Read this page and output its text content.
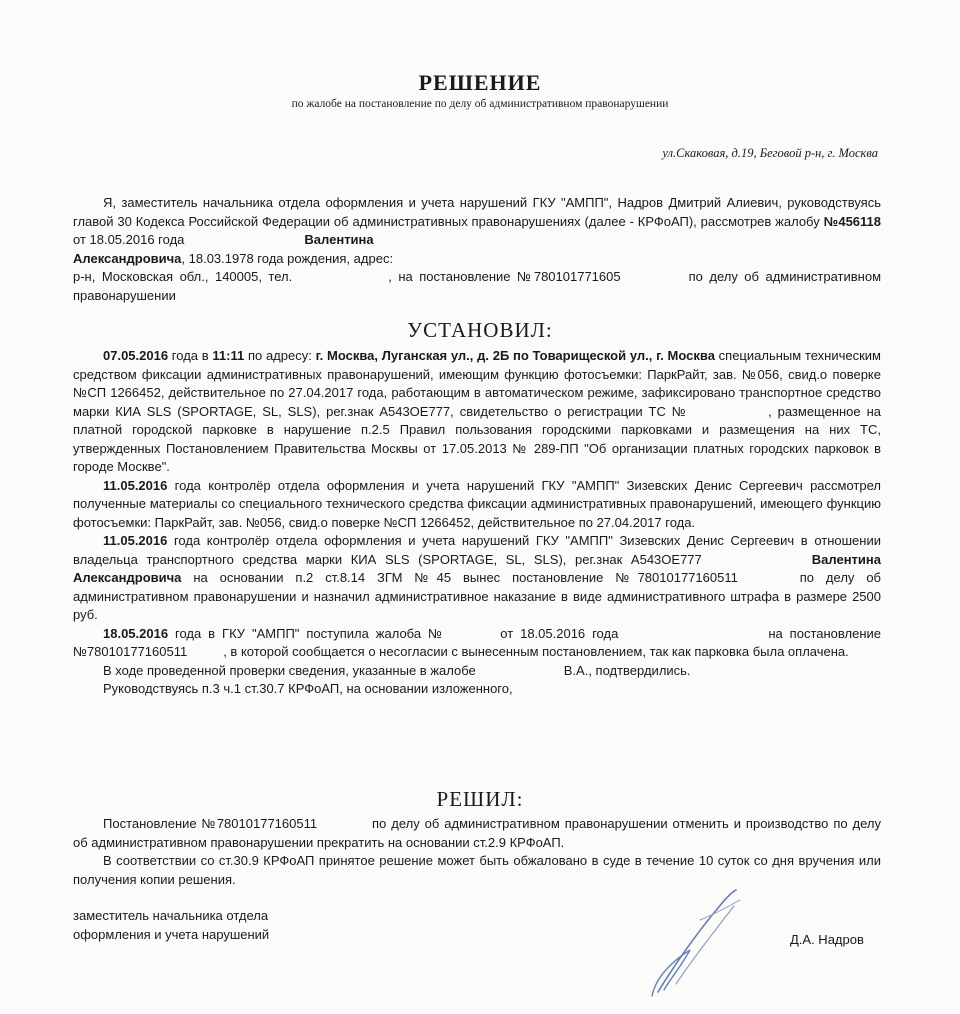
РЕШЕНИЕ
по жалобе на постановление по делу об административном правонарушении
ул.Скаковая, д.19, Беговой р-н, г. Москва

Я, заместитель начальника отдела оформления и учета нарушений ГКУ "АМПП", Надров Дмитрий Алиевич, руководствуясь главой 30 Кодекса Российской Федерации об административных правонарушениях (далее - КРФоАП), рассмотрев жалобу №456118 от 18.05.2016 года	Валентина
Александровича, 18.03.1978 года рождения, адрес:

р-н, Московская обл., 140005, тел.	, на постановление №780101771605	по делу об административном правонарушении

УСТАНОВИЛ:

07.05.2016 года в 11:11 по адресу: г. Москва, Луганская ул., д. 2Б по Товарищеской ул., г. Москва специальным техническим средством фиксации административных правонарушений, имеющим функцию фотосъемки: ПаркРайт, зав. №056, свид.о поверке №СП 1266452, действительное по 27.04.2017 года, работающим в автоматическом режиме, зафиксировано транспортное средство марки КИА SLS (SPORTAGE, SL, SLS), рег.знак А543ОЕ777, свидетельство о регистрации ТС №	, размещенное на платной городской парковке в нарушение п.2.5 Правил пользования городскими парковками и размещения на них ТС, утвержденных Постановлением Правительства Москвы от 17.05.2013 № 289-ПП "Об организации платных городских парковок в городе Москве".

11.05.2016 года контролёр отдела оформления и учета нарушений ГКУ "АМПП" Зизевских Денис Сергеевич рассмотрел полученные материалы со специального технического средства фиксации административных правонарушений, имеющего функцию фотосъемки: ПаркРайт, зав. №056, свид.о поверке №СП 1266452, действительное по 27.04.2017 года.

11.05.2016 года контролёр отдела оформления и учета нарушений ГКУ "АМПП" Зизевских Денис Сергеевич в отношении владельца транспортного средства марки КИА SLS (SPORTAGE, SL, SLS), рег.знак А543ОЕ777	Валентина Александровича на основании п.2 ст.8.14 ЗГМ №45 вынес постановление №78010177160511	по делу об административном правонарушении и назначил административное наказание в виде административного штрафа в размере 2500 руб.

18.05.2016 года в ГКУ "АМПП" поступила жалоба №	от 18.05.2016 года	на постановление №78010177160511	, в которой сообщается о несогласии с вынесенным постановлением, так как парковка была оплачена.

В ходе проведенной проверки сведения, указанные в жалобе	В.А., подтвердились.

Руководствуясь п.3 ч.1 ст.30.7 КРФоАП, на основании изложенного,

РЕШИЛ:

Постановление №78010177160511	по делу об административном правонарушении отменить и производство по делу об административном правонарушении прекратить на основании ст.2.9 КРФоАП.

В соответствии со ст.30.9 КРФоАП принятое решение может быть обжаловано в суде в течение 10 суток со дня вручения или получения копии решения.

заместитель начальника отдела
оформления и учета нарушений	Д.А. Надров
